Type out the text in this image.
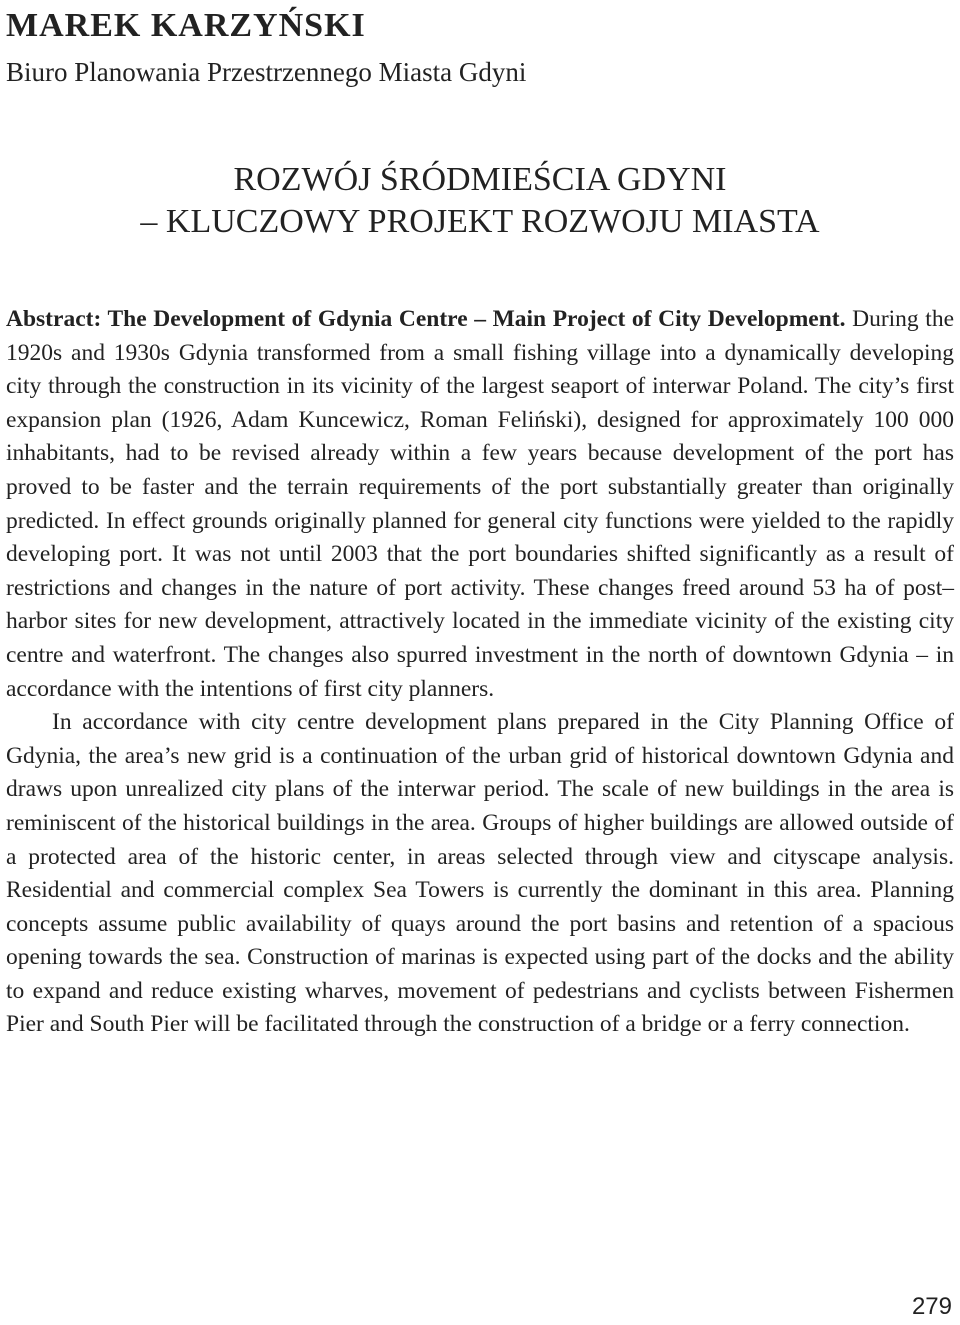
MAREK KARZYŃSKI
Biuro Planowania Przestrzennego Miasta Gdyni
ROZWÓJ ŚRÓDMIEŚCIA GDYNI
– KLUCZOWY PROJEKT ROZWOJU MIASTA

Abstract: The Development of Gdynia Centre – Main Project of City Development. During the 1920s and 1930s Gdynia transformed from a small fishing village into a dynamically developing city through the construction in its vicinity of the largest seaport of interwar Poland. The city’s first expansion plan (1926, Adam Kuncewicz, Roman Feliński), designed for approximately 100 000 inhabitants, had to be revised already within a few years because development of the port has proved to be faster and the terrain requirements of the port substantially greater than originally predicted. In effect grounds originally planned for general city functions were yielded to the rapidly developing port. It was not until 2003 that the port boundaries shifted significantly as a result of restrictions and changes in the nature of port activity. These changes freed around 53 ha of post–harbor sites for new development, attractively located in the immediate vicinity of the existing city centre and waterfront. The changes also spurred investment in the north of downtown Gdynia – in accordance with the intentions of first city planners.

In accordance with city centre development plans prepared in the City Planning Office of Gdynia, the area’s new grid is a continuation of the urban grid of historical downtown Gdynia and draws upon unrealized city plans of the interwar period. The scale of new buildings in the area is reminiscent of the historical buildings in the area. Groups of higher buildings are allowed outside of a protected area of the historic center, in areas selected through view and cityscape analysis. Residential and commercial complex Sea Towers is currently the dominant in this area. Planning concepts assume public availability of quays around the port basins and retention of a spacious opening towards the sea. Construction of marinas is expected using part of the docks and the ability to expand and reduce existing wharves, movement of pedestrians and cyclists between Fishermen Pier and South Pier will be facilitated through the construction of a bridge or a ferry connection.

279
